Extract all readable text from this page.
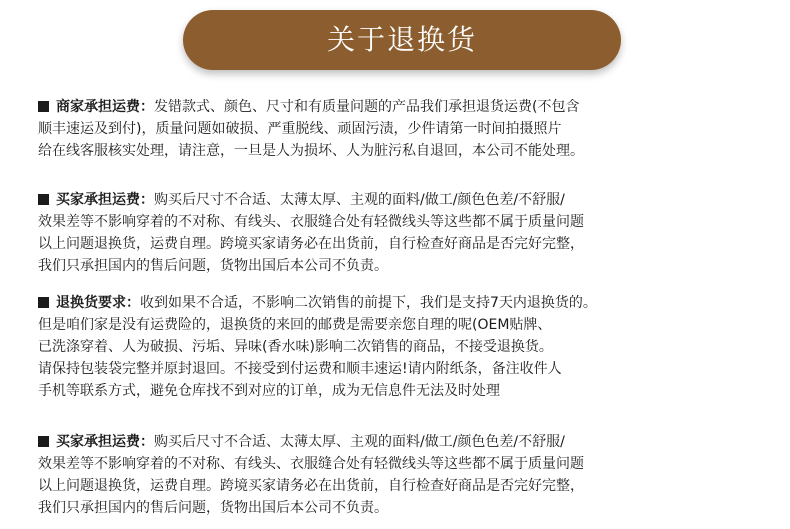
关于退换货

商家承担运费：发错款式、颜色、尺寸和有质量问题的产品我们承担退货运费(不包含

顺丰速运及到付)，质量问题如破损、严重脱线、顽固污渍，少件请第一时间拍摄照片

给在线客服核实处理，请注意，一旦是人为损坏、人为脏污私自退回，本公司不能处理。

买家承担运费：购买后尺寸不合适、太薄太厚、主观的面料/做工/颜色色差/不舒服/

效果差等不影响穿着的不对称、有线头、衣服缝合处有轻微线头等这些都不属于质量问题

以上问题退换货，运费自理。跨境买家请务必在出货前，自行检查好商品是否完好完整，

我们只承担国内的售后问题，货物出国后本公司不负责。

退换货要求：收到如果不合适，不影响二次销售的前提下，我们是支持7天内退换货的。

但是咱们家是没有运费险的，退换货的来回的邮费是需要亲您自理的呢(OEM贴牌、

已洗涤穿着、人为破损、污垢、异味(香水味)影响二次销售的商品，不接受退换货。

请保持包装袋完整并原封退回。不接受到付运费和顺丰速运!请内附纸条，备注收件人

手机等联系方式，避免仓库找不到对应的订单，成为无信息件无法及时处理

买家承担运费：购买后尺寸不合适、太薄太厚、主观的面料/做工/颜色色差/不舒服/

效果差等不影响穿着的不对称、有线头、衣服缝合处有轻微线头等这些都不属于质量问题

以上问题退换货，运费自理。跨境买家请务必在出货前，自行检查好商品是否完好完整，

我们只承担国内的售后问题，货物出国后本公司不负责。
